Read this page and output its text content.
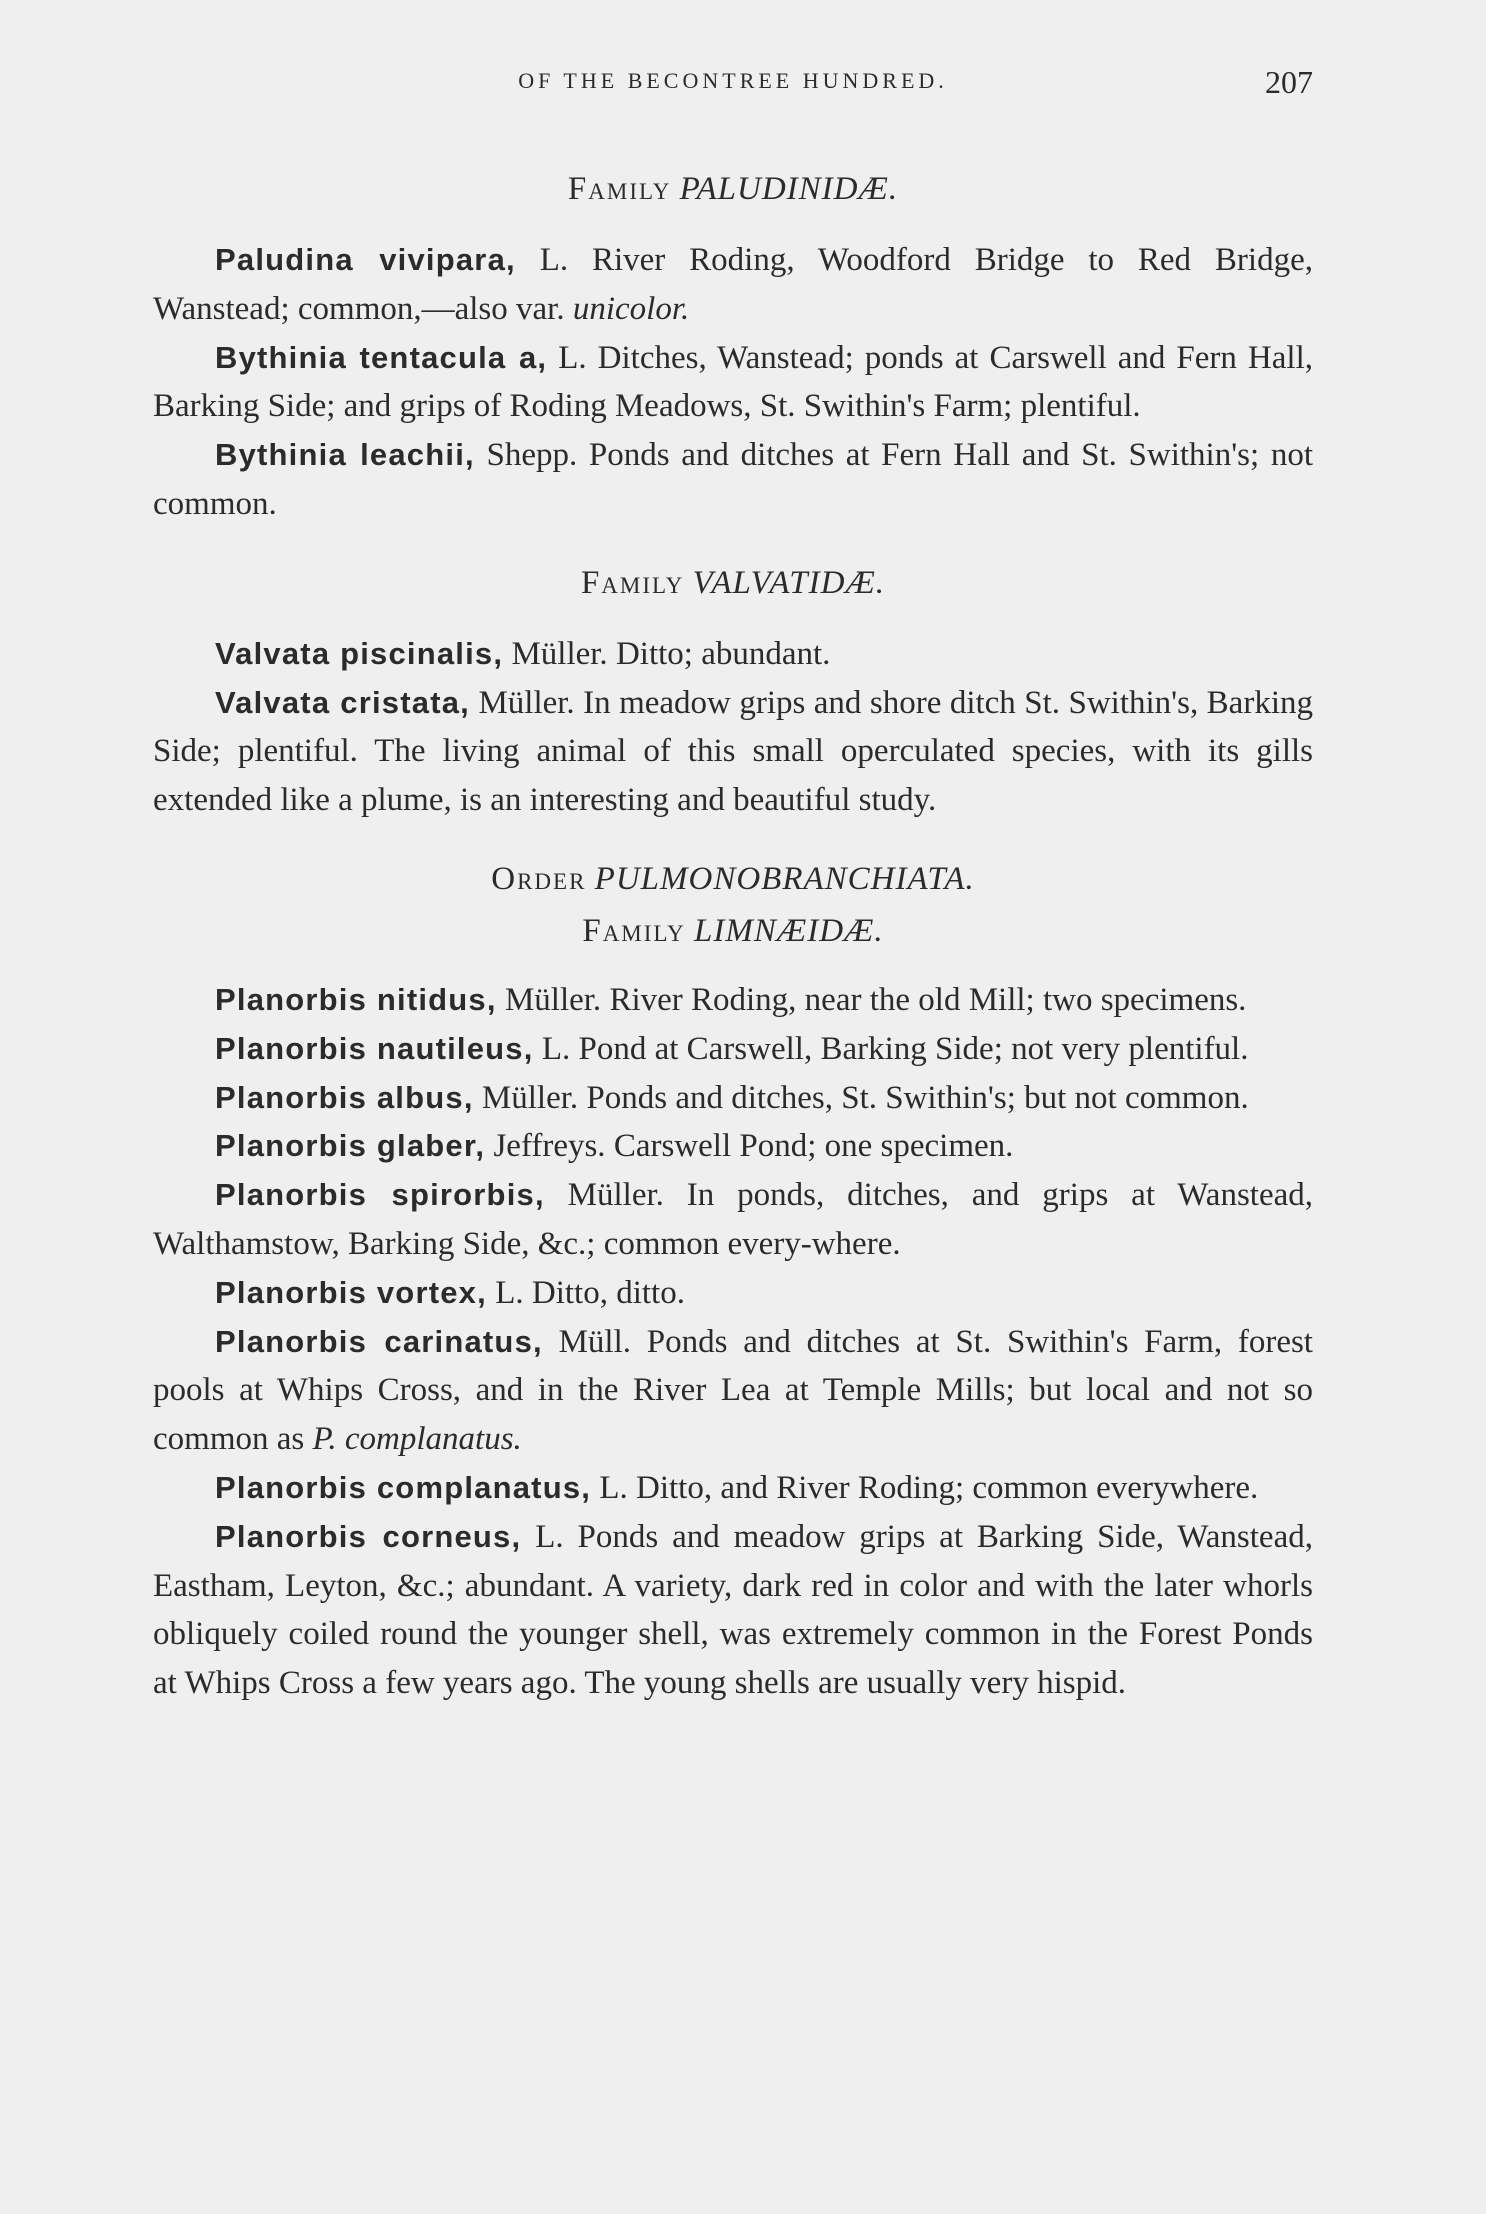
OF THE BECONTREE HUNDRED.	207
Family PALUDINIDÆ.

Paludina vivipara, L. River Roding, Woodford Bridge to Red Bridge, Wanstead; common,—also var. unicolor.

Bythinia tentacula a, L. Ditches, Wanstead; ponds at Carswell and Fern Hall, Barking Side; and grips of Roding Meadows, St. Swithin's Farm; plentiful.

Bythinia leachii, Shepp. Ponds and ditches at Fern Hall and St. Swithin's; not common.

Family VALVATIDÆ.

Valvata piscinalis, Müller. Ditto; abundant.

Valvata cristata, Müller. In meadow grips and shore ditch St. Swithin's, Barking Side; plentiful. The living animal of this small operculated species, with its gills extended like a plume, is an interesting and beautiful study.

Order PULMONOBRANCHIATA.
Family LIMNÆIDÆ.

Planorbis nitidus, Müller. River Roding, near the old Mill; two specimens.

Planorbis nautileus, L. Pond at Carswell, Barking Side; not very plentiful.

Planorbis albus, Müller. Ponds and ditches, St. Swithin's; but not common.

Planorbis glaber, Jeffreys. Carswell Pond; one specimen.

Planorbis spirorbis, Müller. In ponds, ditches, and grips at Wanstead, Walthamstow, Barking Side, &c.; common every-where.

Planorbis vortex, L. Ditto, ditto.

Planorbis carinatus, Müll. Ponds and ditches at St. Swithin's Farm, forest pools at Whips Cross, and in the River Lea at Temple Mills; but local and not so common as P. complanatus.

Planorbis complanatus, L. Ditto, and River Roding; common everywhere.

Planorbis corneus, L. Ponds and meadow grips at Barking Side, Wanstead, Eastham, Leyton, &c.; abundant. A variety, dark red in color and with the later whorls obliquely coiled round the younger shell, was extremely common in the Forest Ponds at Whips Cross a few years ago. The young shells are usually very hispid.
